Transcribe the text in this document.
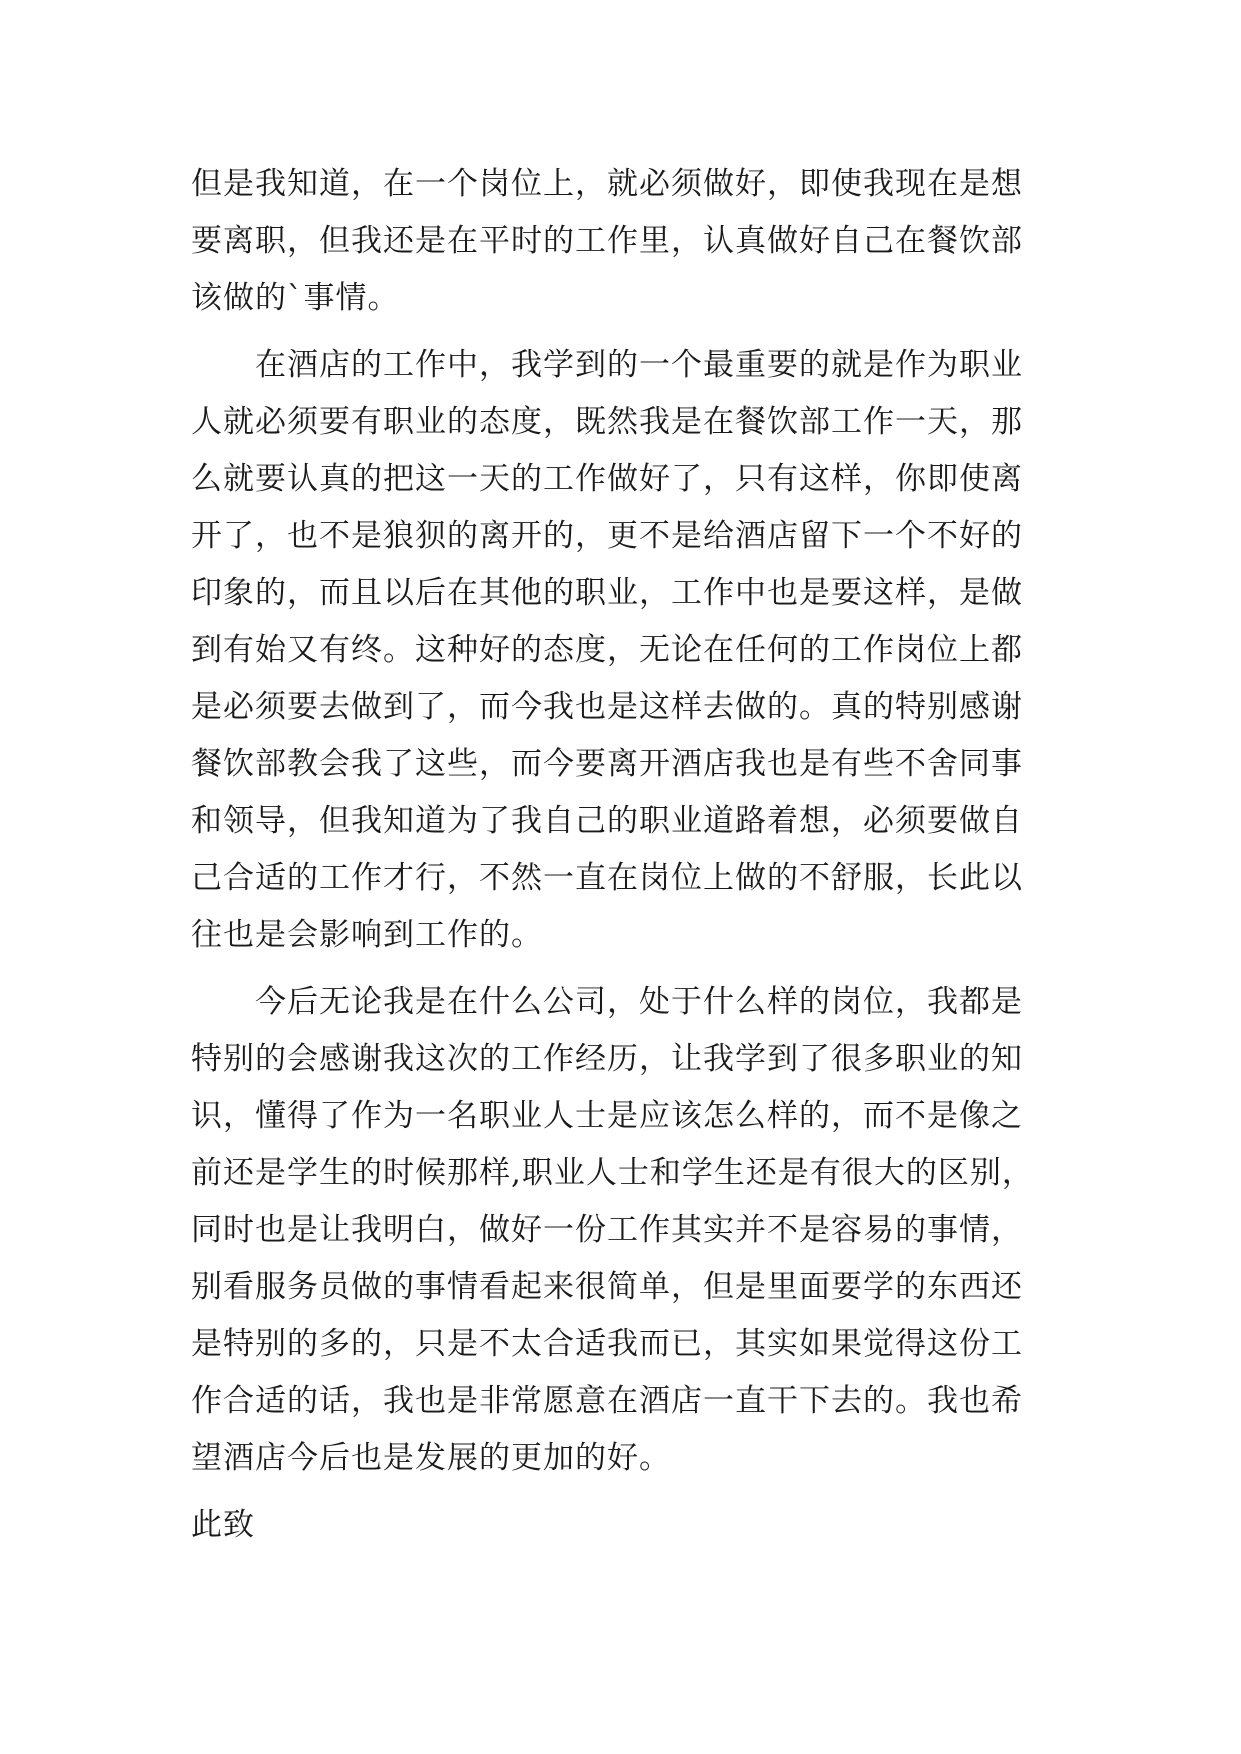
但是我知道，在一个岗位上，就必须做好，即使我现在是想
要离职，但我还是在平时的工作里，认真做好自己在餐饮部
该做的`事情。
　　在酒店的工作中，我学到的一个最重要的就是作为职业
人就必须要有职业的态度，既然我是在餐饮部工作一天，那
么就要认真的把这一天的工作做好了，只有这样，你即使离
开了，也不是狼狈的离开的，更不是给酒店留下一个不好的
印象的，而且以后在其他的职业，工作中也是要这样，是做
到有始又有终。这种好的态度，无论在任何的工作岗位上都
是必须要去做到了，而今我也是这样去做的。真的特别感谢
餐饮部教会我了这些，而今要离开酒店我也是有些不舍同事
和领导，但我知道为了我自己的职业道路着想，必须要做自
己合适的工作才行，不然一直在岗位上做的不舒服，长此以
往也是会影响到工作的。
　　今后无论我是在什么公司，处于什么样的岗位，我都是
特别的会感谢我这次的工作经历，让我学到了很多职业的知
识，懂得了作为一名职业人士是应该怎么样的，而不是像之
前还是学生的时候那样,职业人士和学生还是有很大的区别，
同时也是让我明白，做好一份工作其实并不是容易的事情，
别看服务员做的事情看起来很简单，但是里面要学的东西还
是特别的多的，只是不太合适我而已，其实如果觉得这份工
作合适的话，我也是非常愿意在酒店一直干下去的。我也希
望酒店今后也是发展的更加的好。
此致
